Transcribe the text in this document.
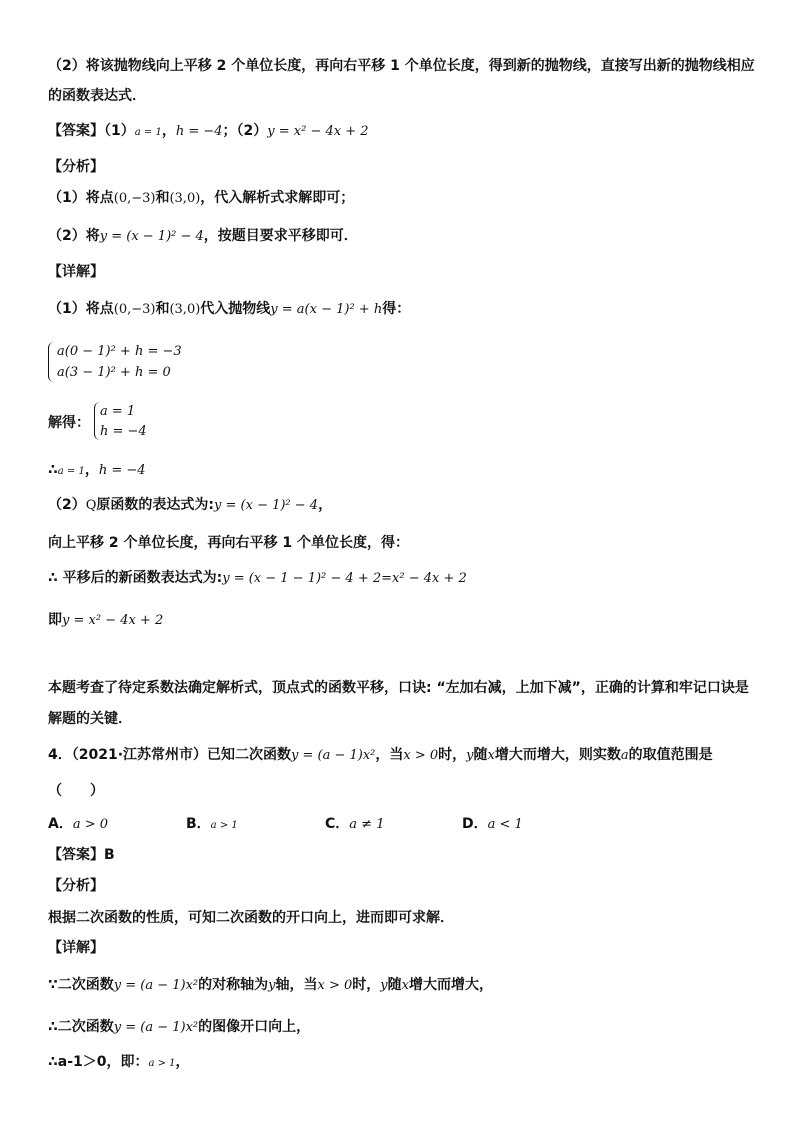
（2）将该抛物线向上平移 2 个单位长度，再向右平移 1 个单位长度，得到新的抛物线，直接写出新的抛物线相应
的函数表达式．
【答案】（1）a = 1，h = −4；（2）y = x² − 4x + 2
【分析】
（1）将点(0,−3)和(3,0)，代入解析式求解即可；
（2）将y = (x − 1)² − 4，按题目要求平移即可．
【详解】
（1）将点(0,−3)和(3,0)代入抛物线y = a(x − 1)² + h得：
a(0 − 1)² + h = −3
a(3 − 1)² + h = 0
解得：
a = 1
h = −4
∴a = 1，h = −4
（2）Q原函数的表达式为:y = (x − 1)² − 4，
向上平移 2 个单位长度，再向右平移 1 个单位长度，得：
∴ 平移后的新函数表达式为:y = (x − 1 − 1)² − 4 + 2=x² − 4x + 2
即y = x² − 4x + 2
本题考查了待定系数法确定解析式，顶点式的函数平移，口诀: “左加右减，上加下减”，正确的计算和牢记口诀是
解题的关键．
4．（2021·江苏常州市）已知二次函数y = (a − 1)x²，当x > 0时，y随x增大而增大，则实数a的取值范围是
（　　）
A．a > 0	B．a > 1	C．a ≠ 1	D．a < 1
【答案】B
【分析】
根据二次函数的性质，可知二次函数的开口向上，进而即可求解．
【详解】
∵二次函数y = (a − 1)x²的对称轴为y轴，当x > 0时，y随x增大而增大，
∴二次函数y = (a − 1)x²的图像开口向上，
∴a-1＞0，即：a > 1，
